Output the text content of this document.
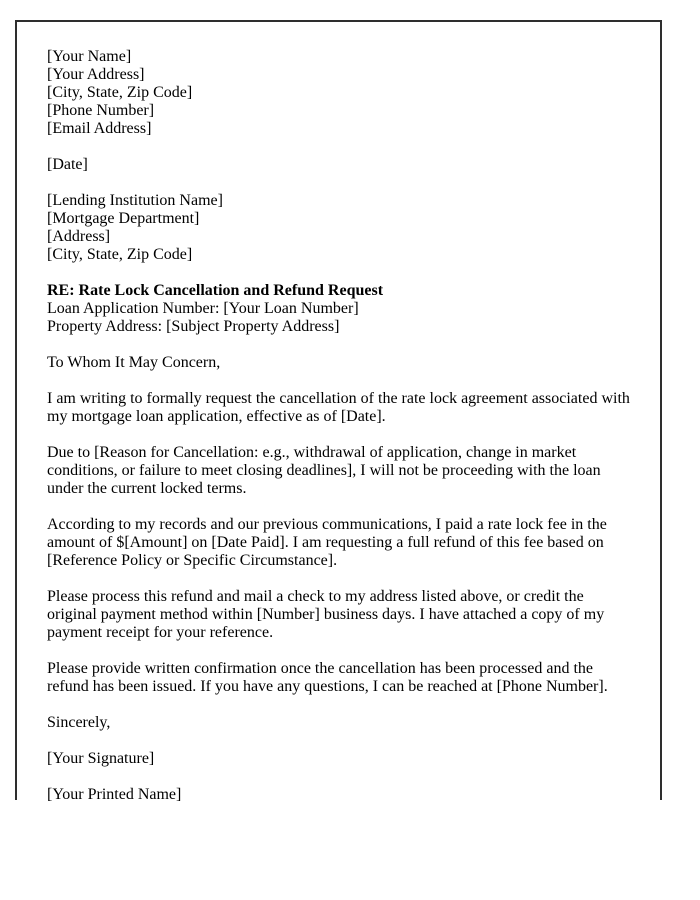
[Your Name]
[Your Address]
[City, State, Zip Code]
[Phone Number]
[Email Address]
[Date]
[Lending Institution Name]
[Mortgage Department]
[Address]
[City, State, Zip Code]
RE: Rate Lock Cancellation and Refund Request
Loan Application Number: [Your Loan Number]
Property Address: [Subject Property Address]

To Whom It May Concern,

I am writing to formally request the cancellation of the rate lock agreement associated with my mortgage loan application, effective as of [Date].

Due to [Reason for Cancellation: e.g., withdrawal of application, change in market conditions, or failure to meet closing deadlines], I will not be proceeding with the loan under the current locked terms.

According to my records and our previous communications, I paid a rate lock fee in the amount of $[Amount] on [Date Paid]. I am requesting a full refund of this fee based on [Reference Policy or Specific Circumstance].

Please process this refund and mail a check to my address listed above, or credit the original payment method within [Number] business days. I have attached a copy of my payment receipt for your reference.

Please provide written confirmation once the cancellation has been processed and the refund has been issued. If you have any questions, I can be reached at [Phone Number].

Sincerely,

[Your Signature]

[Your Printed Name]
